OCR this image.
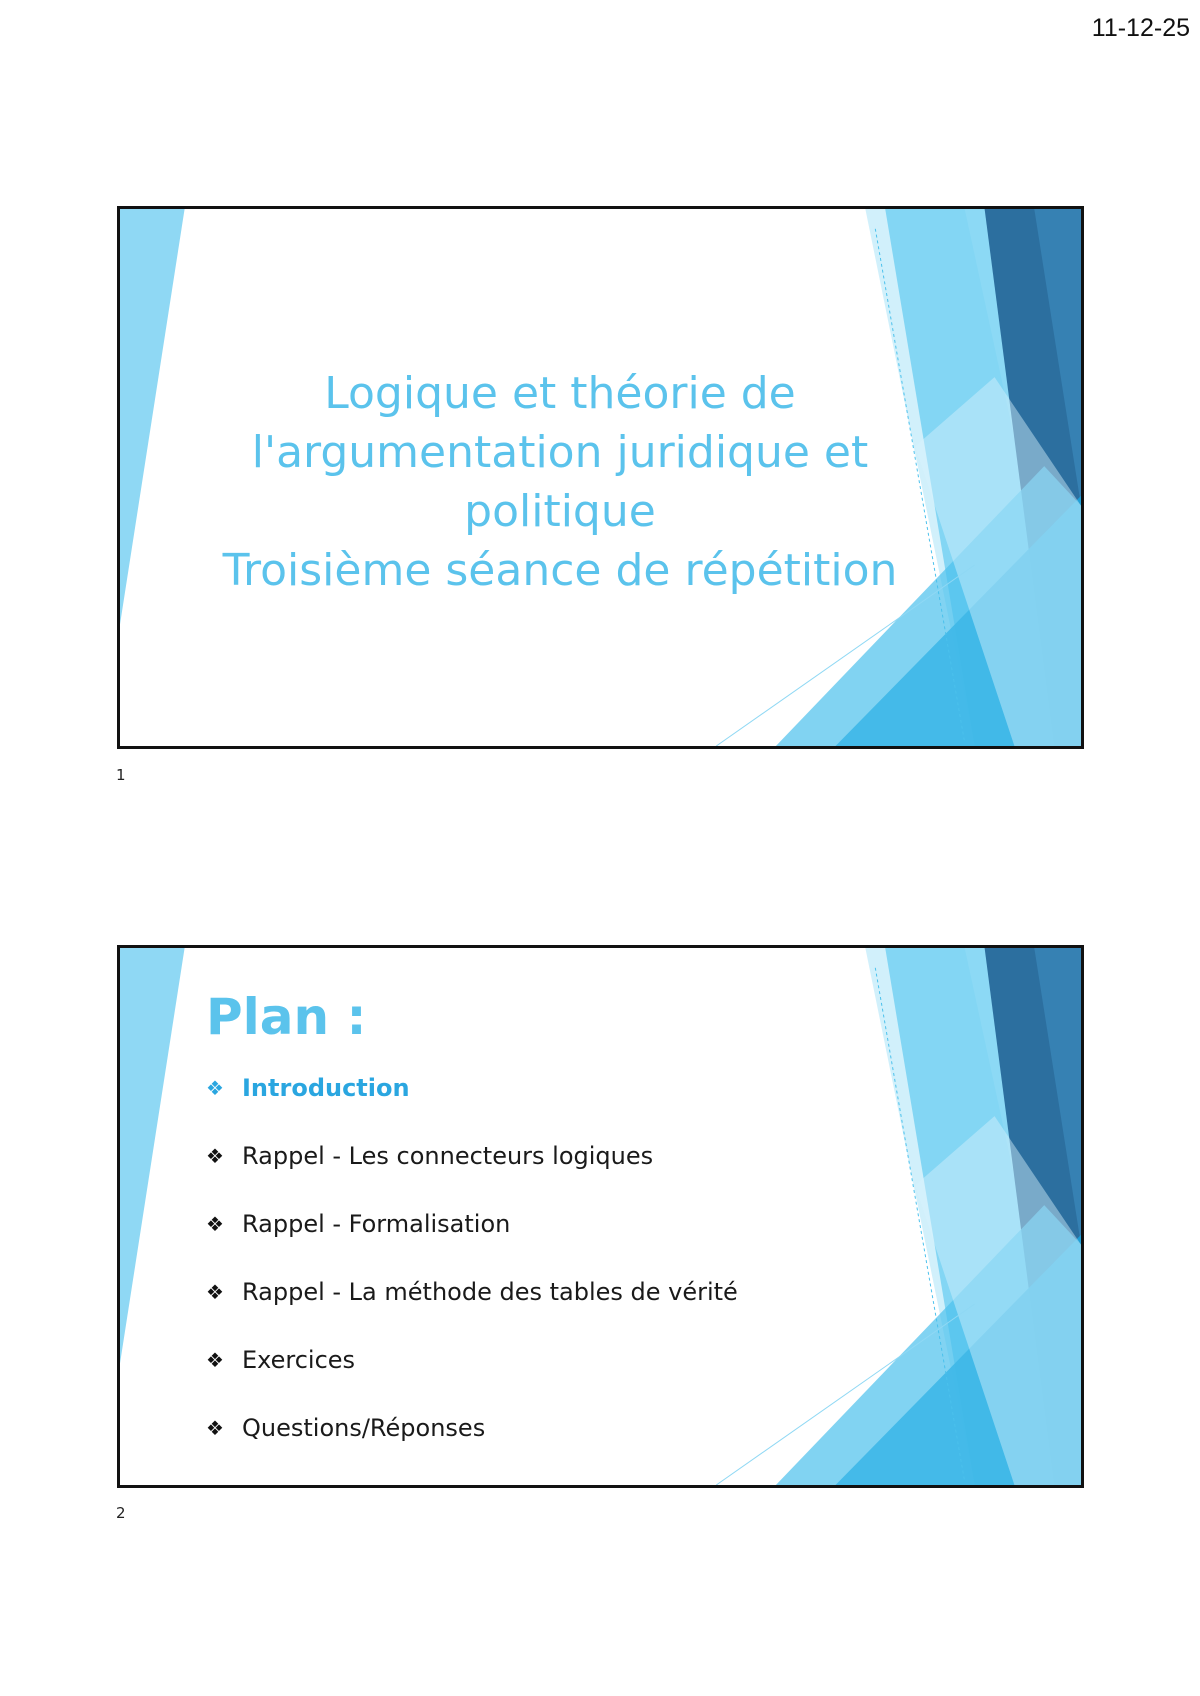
11-12-25
Logique et théorie de
l'argumentation juridique et
politique
Troisième séance de répétition
1
Plan :
❖ Introduction
❖ Rappel - Les connecteurs logiques
❖ Rappel - Formalisation
❖ Rappel - La méthode des tables de vérité
❖ Exercices
❖ Questions/Réponses
2
